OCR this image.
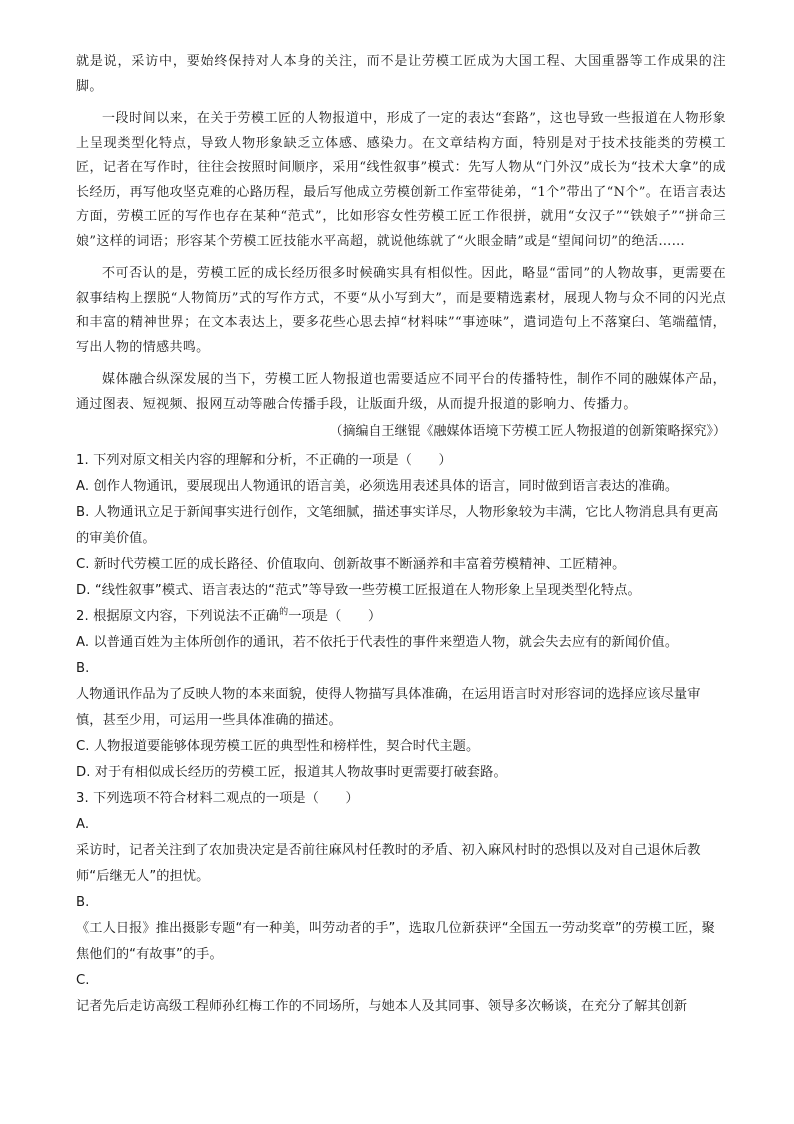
就是说，采访中，要始终保持对人本身的关注，而不是让劳模工匠成为大国工程、大国重器等工作成果的注脚。

一段时间以来，在关于劳模工匠的人物报道中，形成了一定的表达“套路”，这也导致一些报道在人物形象上呈现类型化特点，导致人物形象缺乏立体感、感染力。在文章结构方面，特别是对于技术技能类的劳模工匠，记者在写作时，往往会按照时间顺序，采用“线性叙事”模式：先写人物从“门外汉”成长为“技术大拿”的成长经历，再写他攻坚克难的心路历程，最后写他成立劳模创新工作室带徒弟，“1个”带出了“N个”。在语言表达方面，劳模工匠的写作也存在某种“范式”，比如形容女性劳模工匠工作很拼，就用“女汉子”“铁娘子”“拼命三娘”这样的词语；形容某个劳模工匠技能水平高超，就说他练就了“火眼金睛”或是“望闻问切”的绝活……

不可否认的是，劳模工匠的成长经历很多时候确实具有相似性。因此，略显“雷同”的人物故事，更需要在叙事结构上摆脱“人物简历”式的写作方式，不要“从小写到大”，而是要精选素材，展现人物与众不同的闪光点和丰富的精神世界；在文本表达上，要多花些心思去掉“材料味”“事迹味”，遣词造句上不落窠臼、笔端蕴情，写出人物的情感共鸣。

媒体融合纵深发展的当下，劳模工匠人物报道也需要适应不同平台的传播特性，制作不同的融媒体产品，通过图表、短视频、报网互动等融合传播手段，让版面升级，从而提升报道的影响力、传播力。

（摘编自王继锟《融媒体语境下劳模工匠人物报道的创新策略探究》）

1. 下列对原文相关内容的理解和分析，不正确的一项是（　　）

A. 创作人物通讯，要展现出人物通讯的语言美，必须选用表述具体的语言，同时做到语言表达的准确。

B. 人物通讯立足于新闻事实进行创作，文笔细腻，描述事实详尽，人物形象较为丰满，它比人物消息具有更高的审美价值。

C. 新时代劳模工匠的成长路径、价值取向、创新故事不断涵养和丰富着劳模精神、工匠精神。

D. “线性叙事”模式、语言表达的“范式”等导致一些劳模工匠报道在人物形象上呈现类型化特点。

2. 根据原文内容，下列说法不正确$^的$一项是（　　）

A. 以普通百姓为主体所创作的通讯，若不依托于代表性的事件来塑造人物，就会失去应有的新闻价值。

B.

人物通讯作品为了反映人物的本来面貌，使得人物描写具体准确，在运用语言时对形容词的选择应该尽量审慎，甚至少用，可运用一些具体准确的描述。

C. 人物报道要能够体现劳模工匠的典型性和榜样性，契合时代主题。

D. 对于有相似成长经历的劳模工匠，报道其人物故事时更需要打破套路。

3. 下列选项不符合材料二观点的一项是（　　）

A.

采访时，记者关注到了农加贵决定是否前往麻风村任教时的矛盾、初入麻风村时的恐惧以及对自己退休后教师“后继无人”的担忧。

B.

《工人日报》推出摄影专题“有一种美，叫劳动者的手”，选取几位新获评“全国五一劳动奖章”的劳模工匠，聚焦他们的“有故事”的手。

C.

记者先后走访高级工程师孙红梅工作的不同场所，与她本人及其同事、领导多次畅谈，在充分了解其创新
